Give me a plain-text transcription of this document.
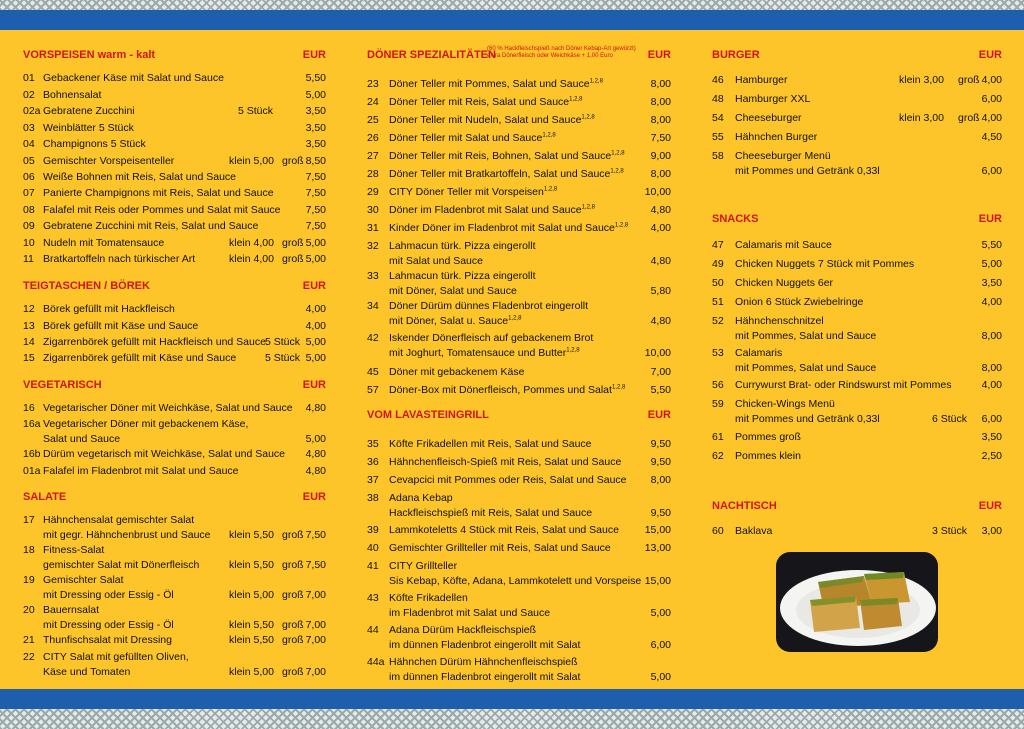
VORSPEISEN warm - kalt	EUR
01 Gebackener Käse mit Salat und Sauce	5,50
02 Bohnensalat	5,00
02a Gebratene Zucchini	5 Stück	3,50
03 Weinblätter 5 Stück	3,50
04 Champignons 5 Stück	3,50
05 Gemischter Vorspeisenteller	klein 5,00 groß 8,50
06 Weiße Bohnen mit Reis, Salat und Sauce	7,50
07 Panierte Champignons mit Reis, Salat und Sauce	7,50
08 Falafel mit Reis oder Pommes und Salat mit Sauce 7,50
09 Gebratene Zucchini mit Reis, Salat und Sauce	7,50
10 Nudeln mit Tomatensauce	klein 4,00 groß 5,00
11 Bratkartoffeln nach türkischer Art	klein 4,00 groß 5,00
TEIGTASCHEN / BÖREK	EUR
12 Börek gefüllt mit Hackfleisch	4,00
13 Börek gefüllt mit Käse und Sauce	4,00
14 Zigarrenbörek gefüllt mit Hackfleisch und Sauce 5 Stück 5,00
15 Zigarrenbörek gefüllt mit Käse und Sauce	5 Stück 5,00
VEGETARISCH	EUR
16 Vegetarischer Döner mit Weichkäse, Salat und Sauce 4,80
16a Vegetarischer Döner mit gebackenem Käse,
Salat und Sauce	5,00
16b Dürüm vegetarisch mit Weichkäse, Salat und Sauce 4,80
01a Falafel im Fladenbrot mit Salat und Sauce	4,80
SALATE	EUR
17 Hähnchensalat gemischter Salat
mit gegr. Hähnchenbrust und Sauce klein 5,50 groß 7,50
18 Fitness-Salat
gemischter Salat mit Dönerfleisch	klein 5,50 groß 7,50
19 Gemischter Salat
mit Dressing oder Essig - Öl	klein 5,00 groß 7,00
20 Bauernsalat
mit Dressing oder Essig - Öl	klein 5,50 groß 7,00
21 Thunfischsalat mit Dressing	klein 5,50 groß 7,00
22 CITY Salat mit gefüllten Oliven,
Käse und Tomaten	klein 5,00 groß 7,00
DÖNER SPEZIALITÄTEN
(60 % Hackfleischspieß nach Döner Kebap-Art gewürzt) extra Dönerfleisch oder Weichkäse + 1,00 Euro	EUR
23 Döner Teller mit Pommes, Salat und Sauce$^{1,2,8}$	8,00
24 Döner Teller mit Reis, Salat und Sauce$^{1,2,8}$	8,00
25 Döner Teller mit Nudeln, Salat und Sauce$^{1,2,8}$	8,00
26 Döner Teller mit Salat und Sauce$^{1,2,8}$	7,50
27 Döner Teller mit Reis, Bohnen, Salat und Sauce$^{1,2,8}$ 9,00
28 Döner Teller mit Bratkartoffeln, Salat und Sauce$^{1,2,8}$	8,00
29 CITY Döner Teller mit Vorspeisen$^{1,2,8}$	10,00
30 Döner im Fladenbrot mit Salat und Sauce$^{1,2,8}$	4,80
31 Kinder Döner im Fladenbrot mit Salat und Sauce$^{1,2,8}$ 4,00
32 Lahmacun türk. Pizza eingerollt
mit Salat und Sauce	4,80
33 Lahmacun türk. Pizza eingerollt
mit Döner, Salat und Sauce	5,80
34 Döner Dürüm dünnes Fladenbrot eingerollt
mit Döner, Salat u. Sauce$^{1,2,8}$	4,80
42 Iskender Dönerfleisch auf gebackenem Brot
mit Joghurt, Tomatensauce und Butter$^{1,2,8}$	10,00
45 Döner mit gebackenem Käse	7,00
57 Döner-Box mit Dönerfleisch, Pommes und Salat$^{1,2,8}$ 5,50
VOM LAVASTEINGRILL	EUR
35 Köfte Frikadellen mit Reis, Salat und Sauce	9,50
36 Hähnchenfleisch-Spieß mit Reis, Salat und Sauce	9,50
37 Cevapcici mit Pommes oder Reis, Salat und Sauce 8,00
38 Adana Kebap
Hackfleischspieß mit Reis, Salat und Sauce	9,50
39 Lammkoteletts 4 Stück mit Reis, Salat und Sauce 15,00
40 Gemischter Grillteller mit Reis, Salat und Sauce	13,00
41 CITY Grillteller
Sis Kebap, Köfte, Adana, Lammkotelett und Vorspeise 15,00
43 Köfte Frikadellen
im Fladenbrot mit Salat und Sauce	5,00
44 Adana Dürüm Hackfleischspieß
im dünnen Fladenbrot eingerollt mit Salat	6,00
44a Hähnchen Dürüm Hähnchenfleischspieß
im dünnen Fladenbrot eingerollt mit Salat	5,00
BURGER	EUR
46 Hamburger	klein 3,00 groß 4,00
48 Hamburger XXL	6,00
54 Cheeseburger	klein 3,00 groß 4,00
55 Hähnchen Burger	4,50
58 Cheeseburger Menü
mit Pommes und Getränk 0,33l	6,00
SNACKS	EUR
47 Calamaris mit Sauce	5,50
49 Chicken Nuggets 7 Stück mit Pommes	5,00
50 Chicken Nuggets 6er	3,50
51 Onion 6 Stück Zwiebelringe	4,00
52 Hähnchenschnitzel
mit Pommes, Salat und Sauce	8,00
53 Calamaris
mit Pommes, Salat und Sauce	8,00
56 Currywurst Brat- oder Rindswurst mit Pommes	4,00
59 Chicken-Wings Menü
mit Pommes und Getränk 0,33l	6 Stück 6,00
61 Pommes groß	3,50
62 Pommes klein	2,50
NACHTISCH	EUR
60 Baklava	3 Stück 3,00
